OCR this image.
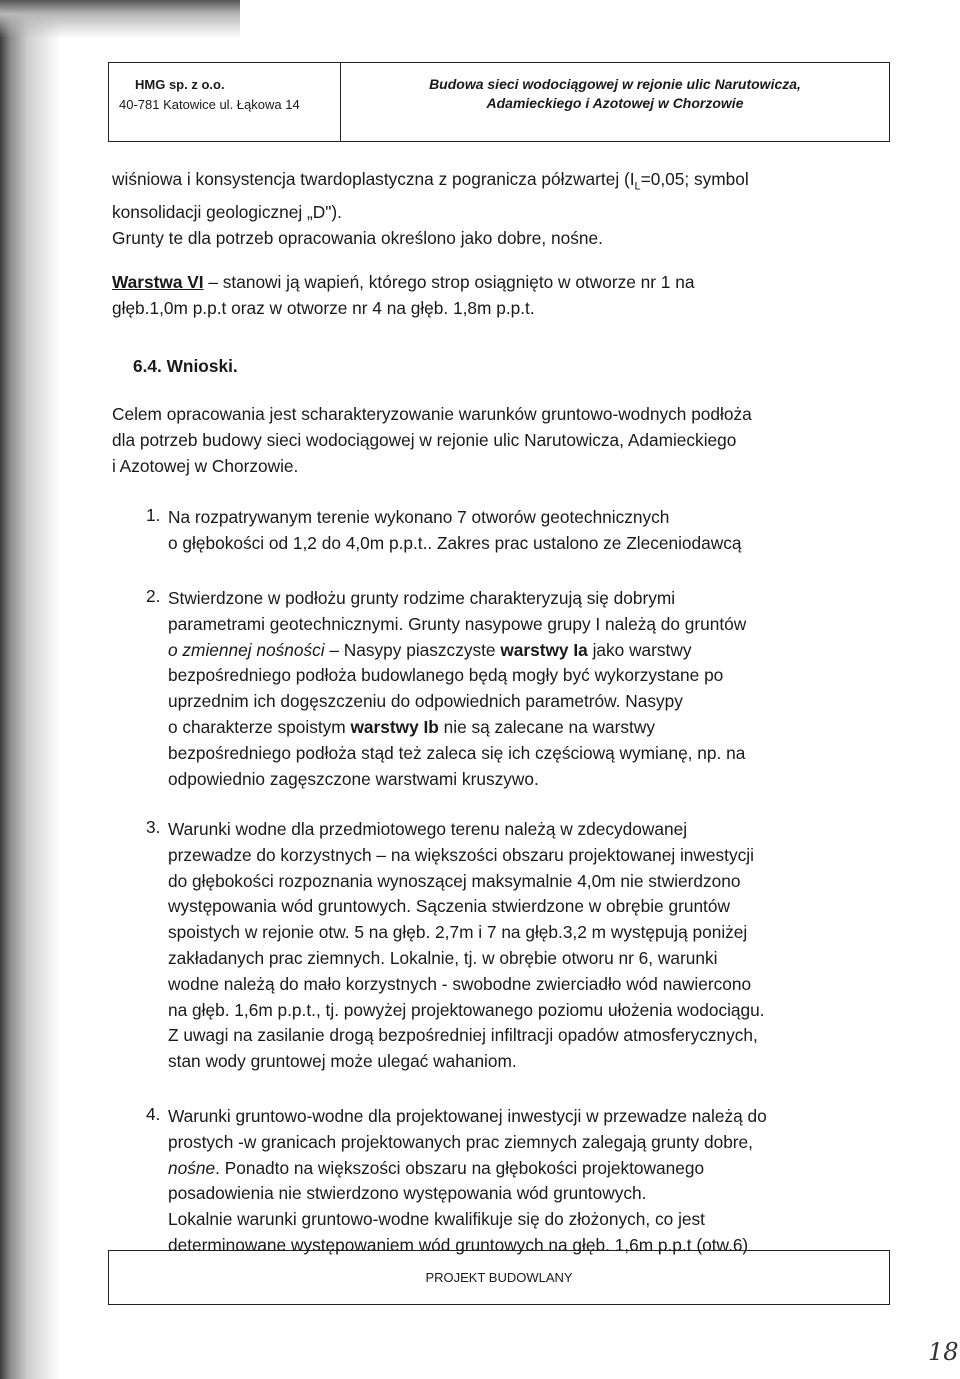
HMG sp. z o.o.
40-781 Katowice ul. Łąkowa 14
Budowa sieci wodociągowej w rejonie ulic Narutowicza,
Adamieckiego i Azotowej w Chorzowie
wiśniowa i konsystencja twardoplastyczna z pogranicza półzwartej ($I_L=0,05$; symbol
konsolidacji geologicznej „D").
Grunty te dla potrzeb opracowania określono jako dobre, nośne.
Warstwa VI – stanowi ją wapień, którego strop osiągnięto w otworze nr 1 na
głęb.1,0m p.p.t oraz w otworze nr 4 na głęb. 1,8m p.p.t.
6.4. Wnioski.
Celem opracowania jest scharakteryzowanie warunków gruntowo-wodnych podłoża
dla potrzeb budowy sieci wodociągowej w rejonie ulic Narutowicza, Adamieckiego
i Azotowej w Chorzowie.
1. Na rozpatrywanym terenie wykonano 7 otworów geotechnicznych
o głębokości od 1,2 do 4,0m p.p.t.. Zakres prac ustalono ze Zleceniodawcą
2. Stwierdzone w podłożu grunty rodzime charakteryzują się dobrymi
parametrami geotechnicznymi. Grunty nasypowe grupy I należą do gruntów
o zmiennej nośności – Nasypy piaszczyste warstwy Ia jako warstwy
bezpośredniego podłoża budowlanego będą mogły być wykorzystane po
uprzednim ich dogęszczeniu do odpowiednich parametrów. Nasypy
o charakterze spoistym warstwy Ib nie są zalecane na warstwy
bezpośredniego podłoża stąd też zaleca się ich częściową wymianę, np. na
odpowiednio zagęszczone warstwami kruszywo.
3. Warunki wodne dla przedmiotowego terenu należą w zdecydowanej
przewadze do korzystnych – na większości obszaru projektowanej inwestycji
do głębokości rozpoznania wynoszącej maksymalnie 4,0m nie stwierdzono
występowania wód gruntowych. Sączenia stwierdzone w obrębie gruntów
spoistych w rejonie otw. 5 na głęb. 2,7m i 7 na głęb.3,2 m występują poniżej
zakładanych prac ziemnych. Lokalnie, tj. w obrębie otworu nr 6, warunki
wodne należą do mało korzystnych - swobodne zwierciadło wód nawiercono
na głęb. 1,6m p.p.t., tj. powyżej projektowanego poziomu ułożenia wodociągu.
Z uwagi na zasilanie drogą bezpośredniej infiltracji opadów atmosferycznych,
stan wody gruntowej może ulegać wahaniom.
4. Warunki gruntowo-wodne dla projektowanej inwestycji w przewadze należą do
prostych -w granicach projektowanych prac ziemnych zalegają grunty dobre,
nośne. Ponadto na większości obszaru na głębokości projektowanego
posadowienia nie stwierdzono występowania wód gruntowych.
Lokalnie warunki gruntowo-wodne kwalifikuje się do złożonych, co jest
determinowane występowaniem wód gruntowych na głęb. 1,6m p.p.t (otw.6)
PROJEKT BUDOWLANY
18
